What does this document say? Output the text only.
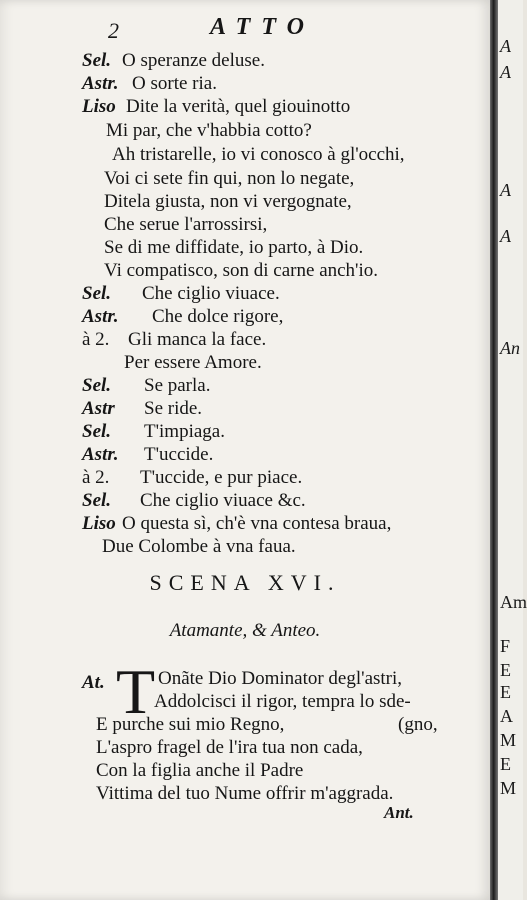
2	ATTO
Sel. O speranze deluse.
Astr. O sorte ria.
Liso Dite la verità, quel giouinotto
Mi par, che v'habbia cotto?
Ah tristarelle, io vi conosco à gl'occhi,
Voi ci sete fin qui, non lo negate,
Ditela giusta, non vi vergognate,
Che serue l'arrossirsi,
Se di me diffidate, io parto, à Dio.
Vi compatisco, son di carne anch'io.
Sel. Che ciglio viuace.
Astr. Che dolce rigore,
à 2. Gli manca la face.
Per essere Amore.
Sel. Se parla.
Astr Se ride.
Sel. T'impiaga.
Astr. T'uccide.
à 2. T'uccide, e pur piace.
Sel. Che ciglio viuace &c.
Liso O questa sì, ch'è vna contesa braua,
Due Colombe à vna faua.
SCENA XVI.
Atamante, & Anteo.
At. T Onãte Dio Dominator degl'astri,
Addolcisci il rigor, tempra lo sde-
E purche sui mio Regno,	(gno,
L'aspro fragel de l'ira tua non cada,
Con la figlia anche il Padre
Vittima del tuo Nume offrir m'aggrada.
Ant.
A
A
A
A
An
Am
F
E
E
A
M
E
M
